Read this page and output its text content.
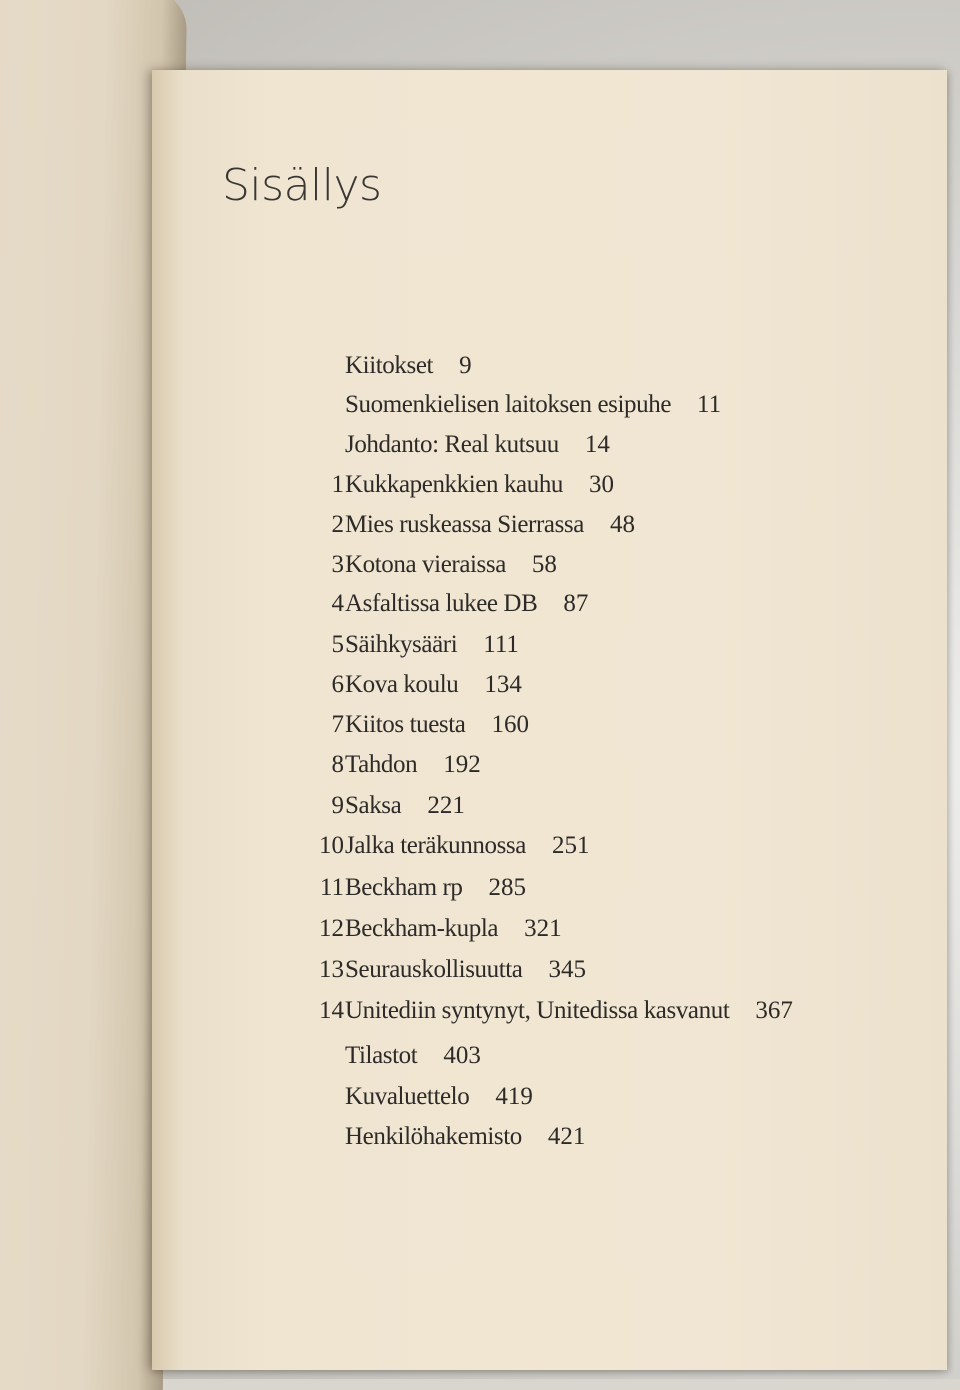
Sisällys
Kiitokset 9
Suomenkielisen laitoksen esipuhe 11
Johdanto: Real kutsuu 14
1 Kukkapenkkien kauhu 30
2 Mies ruskeassa Sierrassa 48
3 Kotona vieraissa 58
4 Asfaltissa lukee DB 87
5 Säihkysääri 111
6 Kova koulu 134
7 Kiitos tuesta 160
8 Tahdon 192
9 Saksa 221
10 Jalka teräkunnossa 251
11 Beckham rp 285
12 Beckham-kupla 321
13 Seurauskollisuutta 345
14 Unitediin syntynyt, Unitedissa kasvanut 367
Tilastot 403
Kuvaluettelo 419
Henkilöhakemisto 421
